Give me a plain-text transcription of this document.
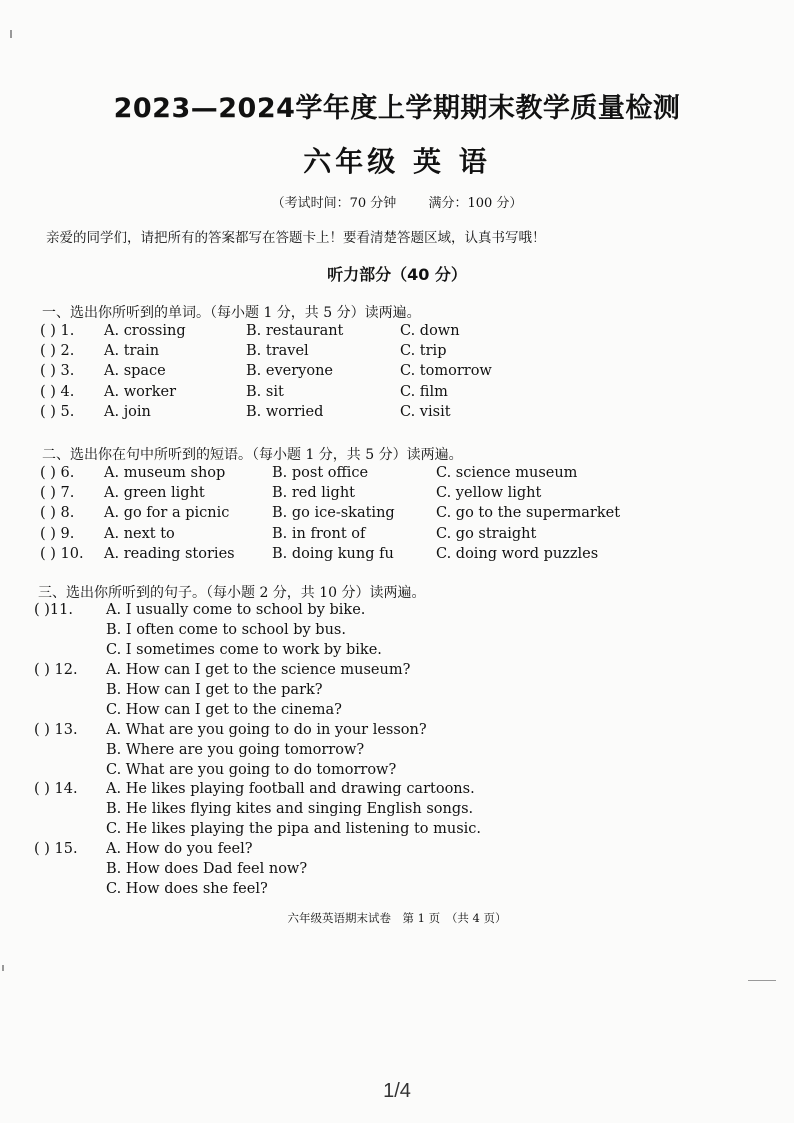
2023—2024学年度上学期期末教学质量检测
六年级 英 语
（考试时间：70 分钟 满分：100 分）
亲爱的同学们，请把所有的答案都写在答题卡上！要看清楚答题区域，认真书写哦！
听力部分（40 分）
一、选出你所听到的单词。（每小题 1 分，共 5 分）读两遍。
( ) 1. A. crossing	B. restaurant	C. down
( ) 2. A. train	B. travel	C. trip
( ) 3. A. space	B. everyone	C. tomorrow
( ) 4. A. worker	B. sit	C. film
( ) 5. A. join	B. worried	C. visit
二、选出你在句中所听到的短语。（每小题 1 分，共 5 分）读两遍。
( ) 6. A. museum shop	B. post office	C. science museum
( ) 7. A. green light	B. red light	C. yellow light
( ) 8. A. go for a picnic	B. go ice-skating	C. go to the supermarket
( ) 9. A. next to	B. in front of	C. go straight
( ) 10. A. reading stories	B. doing kung fu	C. doing word puzzles
三、选出你所听到的句子。（每小题 2 分，共 10 分）读两遍。
( )11. A. I usually come to school by bike.
B. I often come to school by bus.
C. I sometimes come to work by bike.
( ) 12. A. How can I get to the science museum?
B. How can I get to the park?
C. How can I get to the cinema?
( ) 13. A. What are you going to do in your lesson?
B. Where are you going tomorrow?
C. What are you going to do tomorrow?
( ) 14. A. He likes playing football and drawing cartoons.
B. He likes flying kites and singing English songs.
C. He likes playing the pipa and listening to music.
( ) 15. A. How do you feel?
B. How does Dad feel now?
C. How does she feel?
六年级英语期末试卷　第 1 页　（共 4 页）
1/4
